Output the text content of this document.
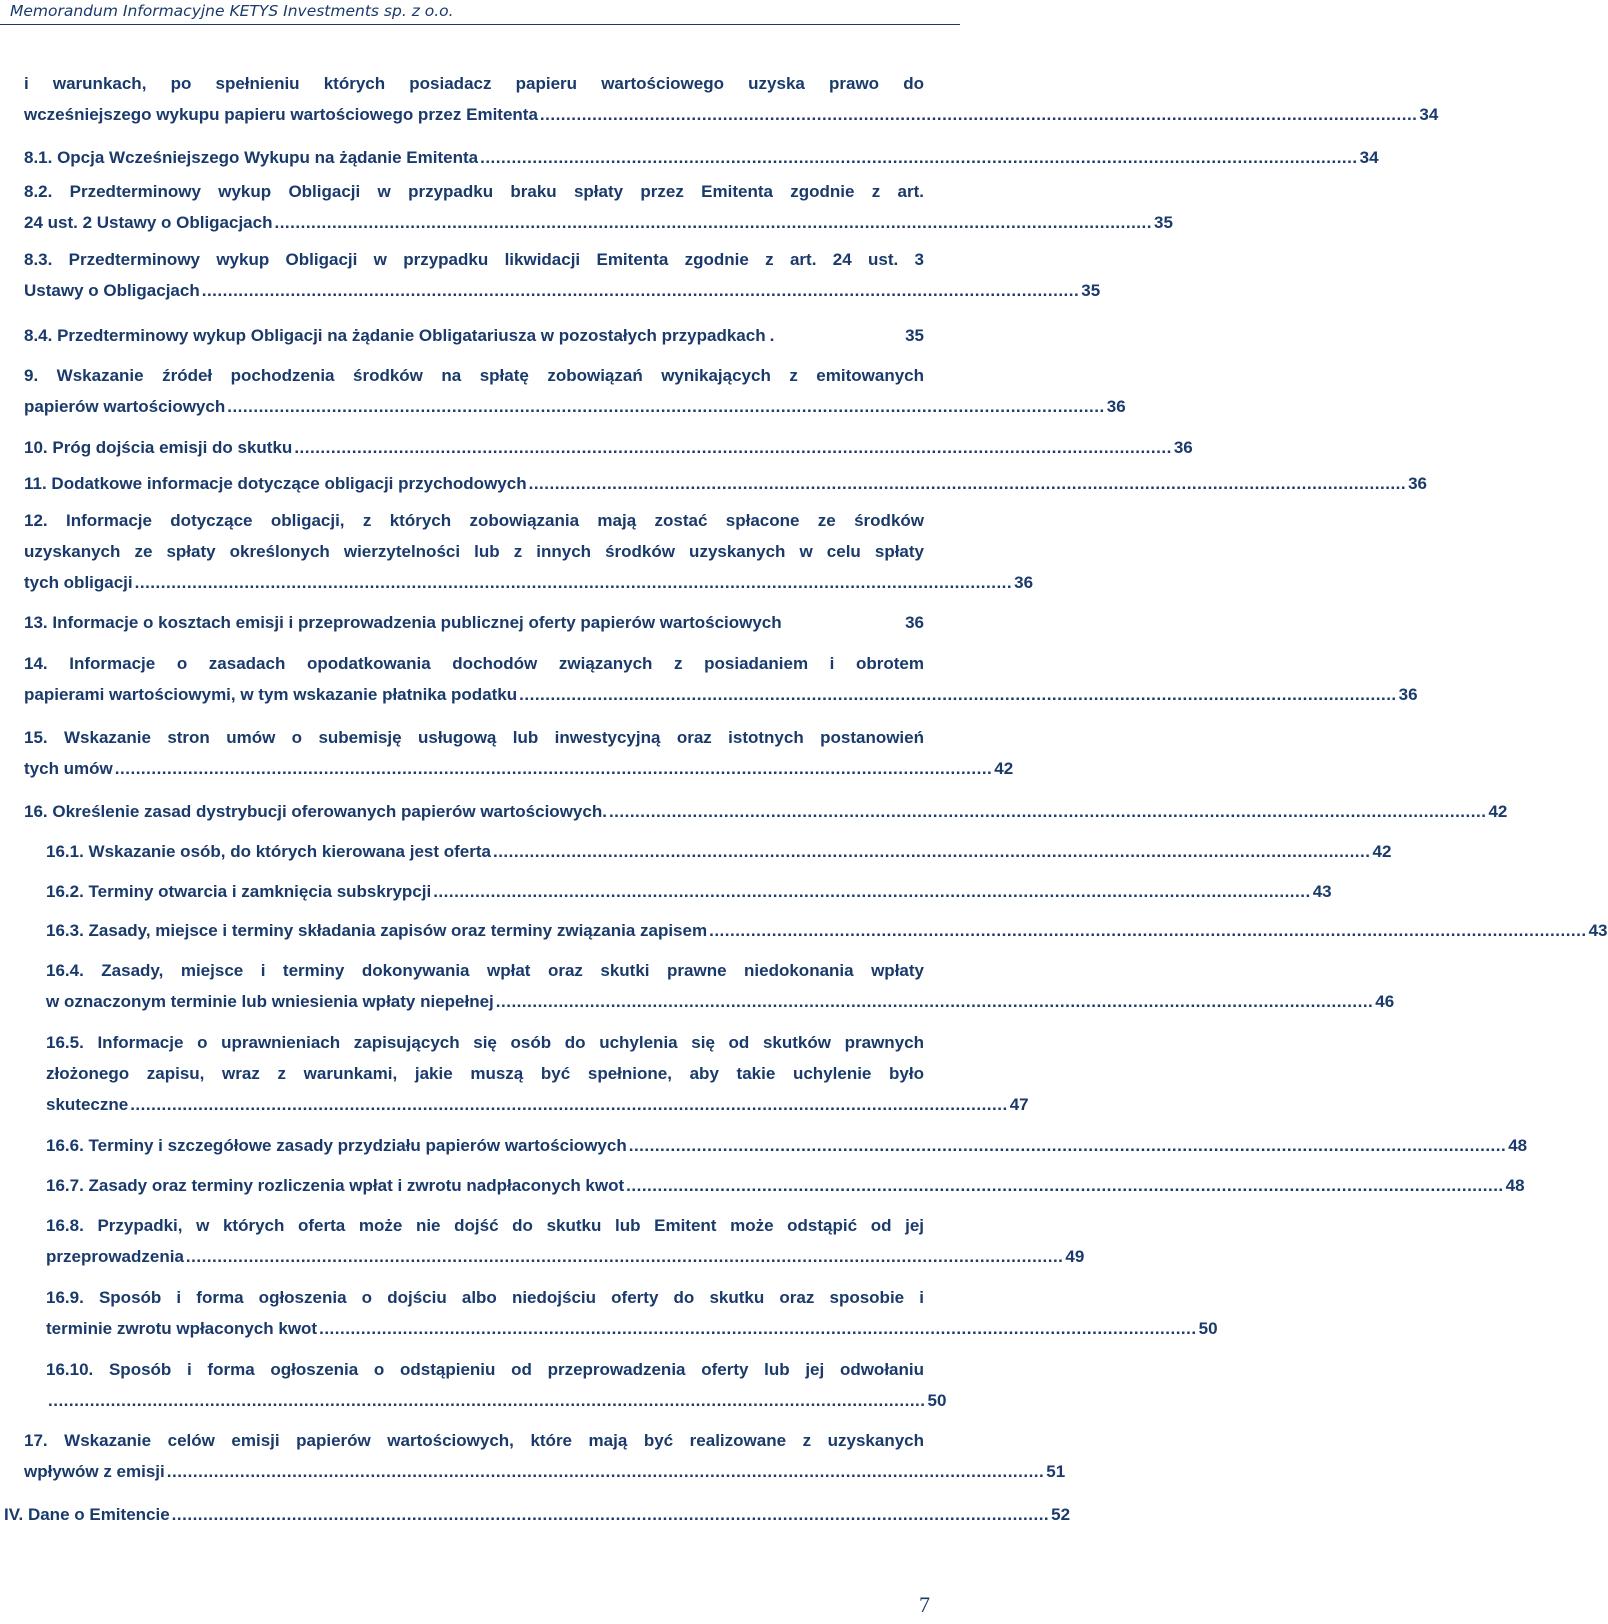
Memorandum Informacyjne KETYS Investments sp. z o.o.
i warunkach, po spełnieniu których posiadacz papieru wartościowego uzyska prawo do
wcześniejszego wykupu papieru wartościowego przez Emitenta ........................................................................................................................................................................ 34
8.1. Opcja Wcześniejszego Wykupu na żądanie Emitenta ........................................................................................................................................................................ 34
8.2. Przedterminowy wykup Obligacji w przypadku braku spłaty przez Emitenta zgodnie z art.
24 ust. 2 Ustawy o Obligacjach ........................................................................................................................................................................ 35
8.3. Przedterminowy wykup Obligacji w przypadku likwidacji Emitenta zgodnie z art. 24 ust. 3
Ustawy o Obligacjach ........................................................................................................................................................................ 35
8.4. Przedterminowy wykup Obligacji na żądanie Obligatariusza w pozostałych przypadkach .	35
9. Wskazanie źródeł pochodzenia środków na spłatę zobowiązań wynikających z emitowanych
papierów wartościowych ........................................................................................................................................................................ 36
10. Próg dojścia emisji do skutku ........................................................................................................................................................................ 36
11. Dodatkowe informacje dotyczące obligacji przychodowych ........................................................................................................................................................................ 36
12. Informacje dotyczące obligacji, z których zobowiązania mają zostać spłacone ze środków
uzyskanych ze spłaty określonych wierzytelności lub z innych środków uzyskanych w celu spłaty
tych obligacji ........................................................................................................................................................................ 36
13. Informacje o kosztach emisji i przeprowadzenia publicznej oferty papierów wartościowych	36
14. Informacje o zasadach opodatkowania dochodów związanych z posiadaniem i obrotem
papierami wartościowymi, w tym wskazanie płatnika podatku ........................................................................................................................................................................ 36
15. Wskazanie stron umów o subemisję usługową lub inwestycyjną oraz istotnych postanowień
tych umów ........................................................................................................................................................................ 42
16. Określenie zasad dystrybucji oferowanych papierów wartościowych. ........................................................................................................................................................................ 42
16.1. Wskazanie osób, do których kierowana jest oferta ........................................................................................................................................................................ 42
16.2. Terminy otwarcia i zamknięcia subskrypcji ........................................................................................................................................................................ 43
16.3. Zasady, miejsce i terminy składania zapisów oraz terminy związania zapisem ........................................................................................................................................................................ 43
16.4. Zasady, miejsce i terminy dokonywania wpłat oraz skutki prawne niedokonania wpłaty
w oznaczonym terminie lub wniesienia wpłaty niepełnej ........................................................................................................................................................................ 46
16.5. Informacje o uprawnieniach zapisujących się osób do uchylenia się od skutków prawnych
złożonego zapisu, wraz z warunkami, jakie muszą być spełnione, aby takie uchylenie było
skuteczne ........................................................................................................................................................................ 47
16.6. Terminy i szczegółowe zasady przydziału papierów wartościowych ........................................................................................................................................................................ 48
16.7. Zasady oraz terminy rozliczenia wpłat i zwrotu nadpłaconych kwot ........................................................................................................................................................................ 48
16.8. Przypadki, w których oferta może nie dojść do skutku lub Emitent może odstąpić od jej
przeprowadzenia ........................................................................................................................................................................ 49
16.9. Sposób i forma ogłoszenia o dojściu albo niedojściu oferty do skutku oraz sposobie i
terminie zwrotu wpłaconych kwot ........................................................................................................................................................................ 50
16.10. Sposób i forma ogłoszenia o odstąpieniu od przeprowadzenia oferty lub jej odwołaniu
........................................................................................................................................................................ 50
17. Wskazanie celów emisji papierów wartościowych, które mają być realizowane z uzyskanych
wpływów z emisji ........................................................................................................................................................................ 51
IV. Dane o Emitencie ........................................................................................................................................................................ 52
7
